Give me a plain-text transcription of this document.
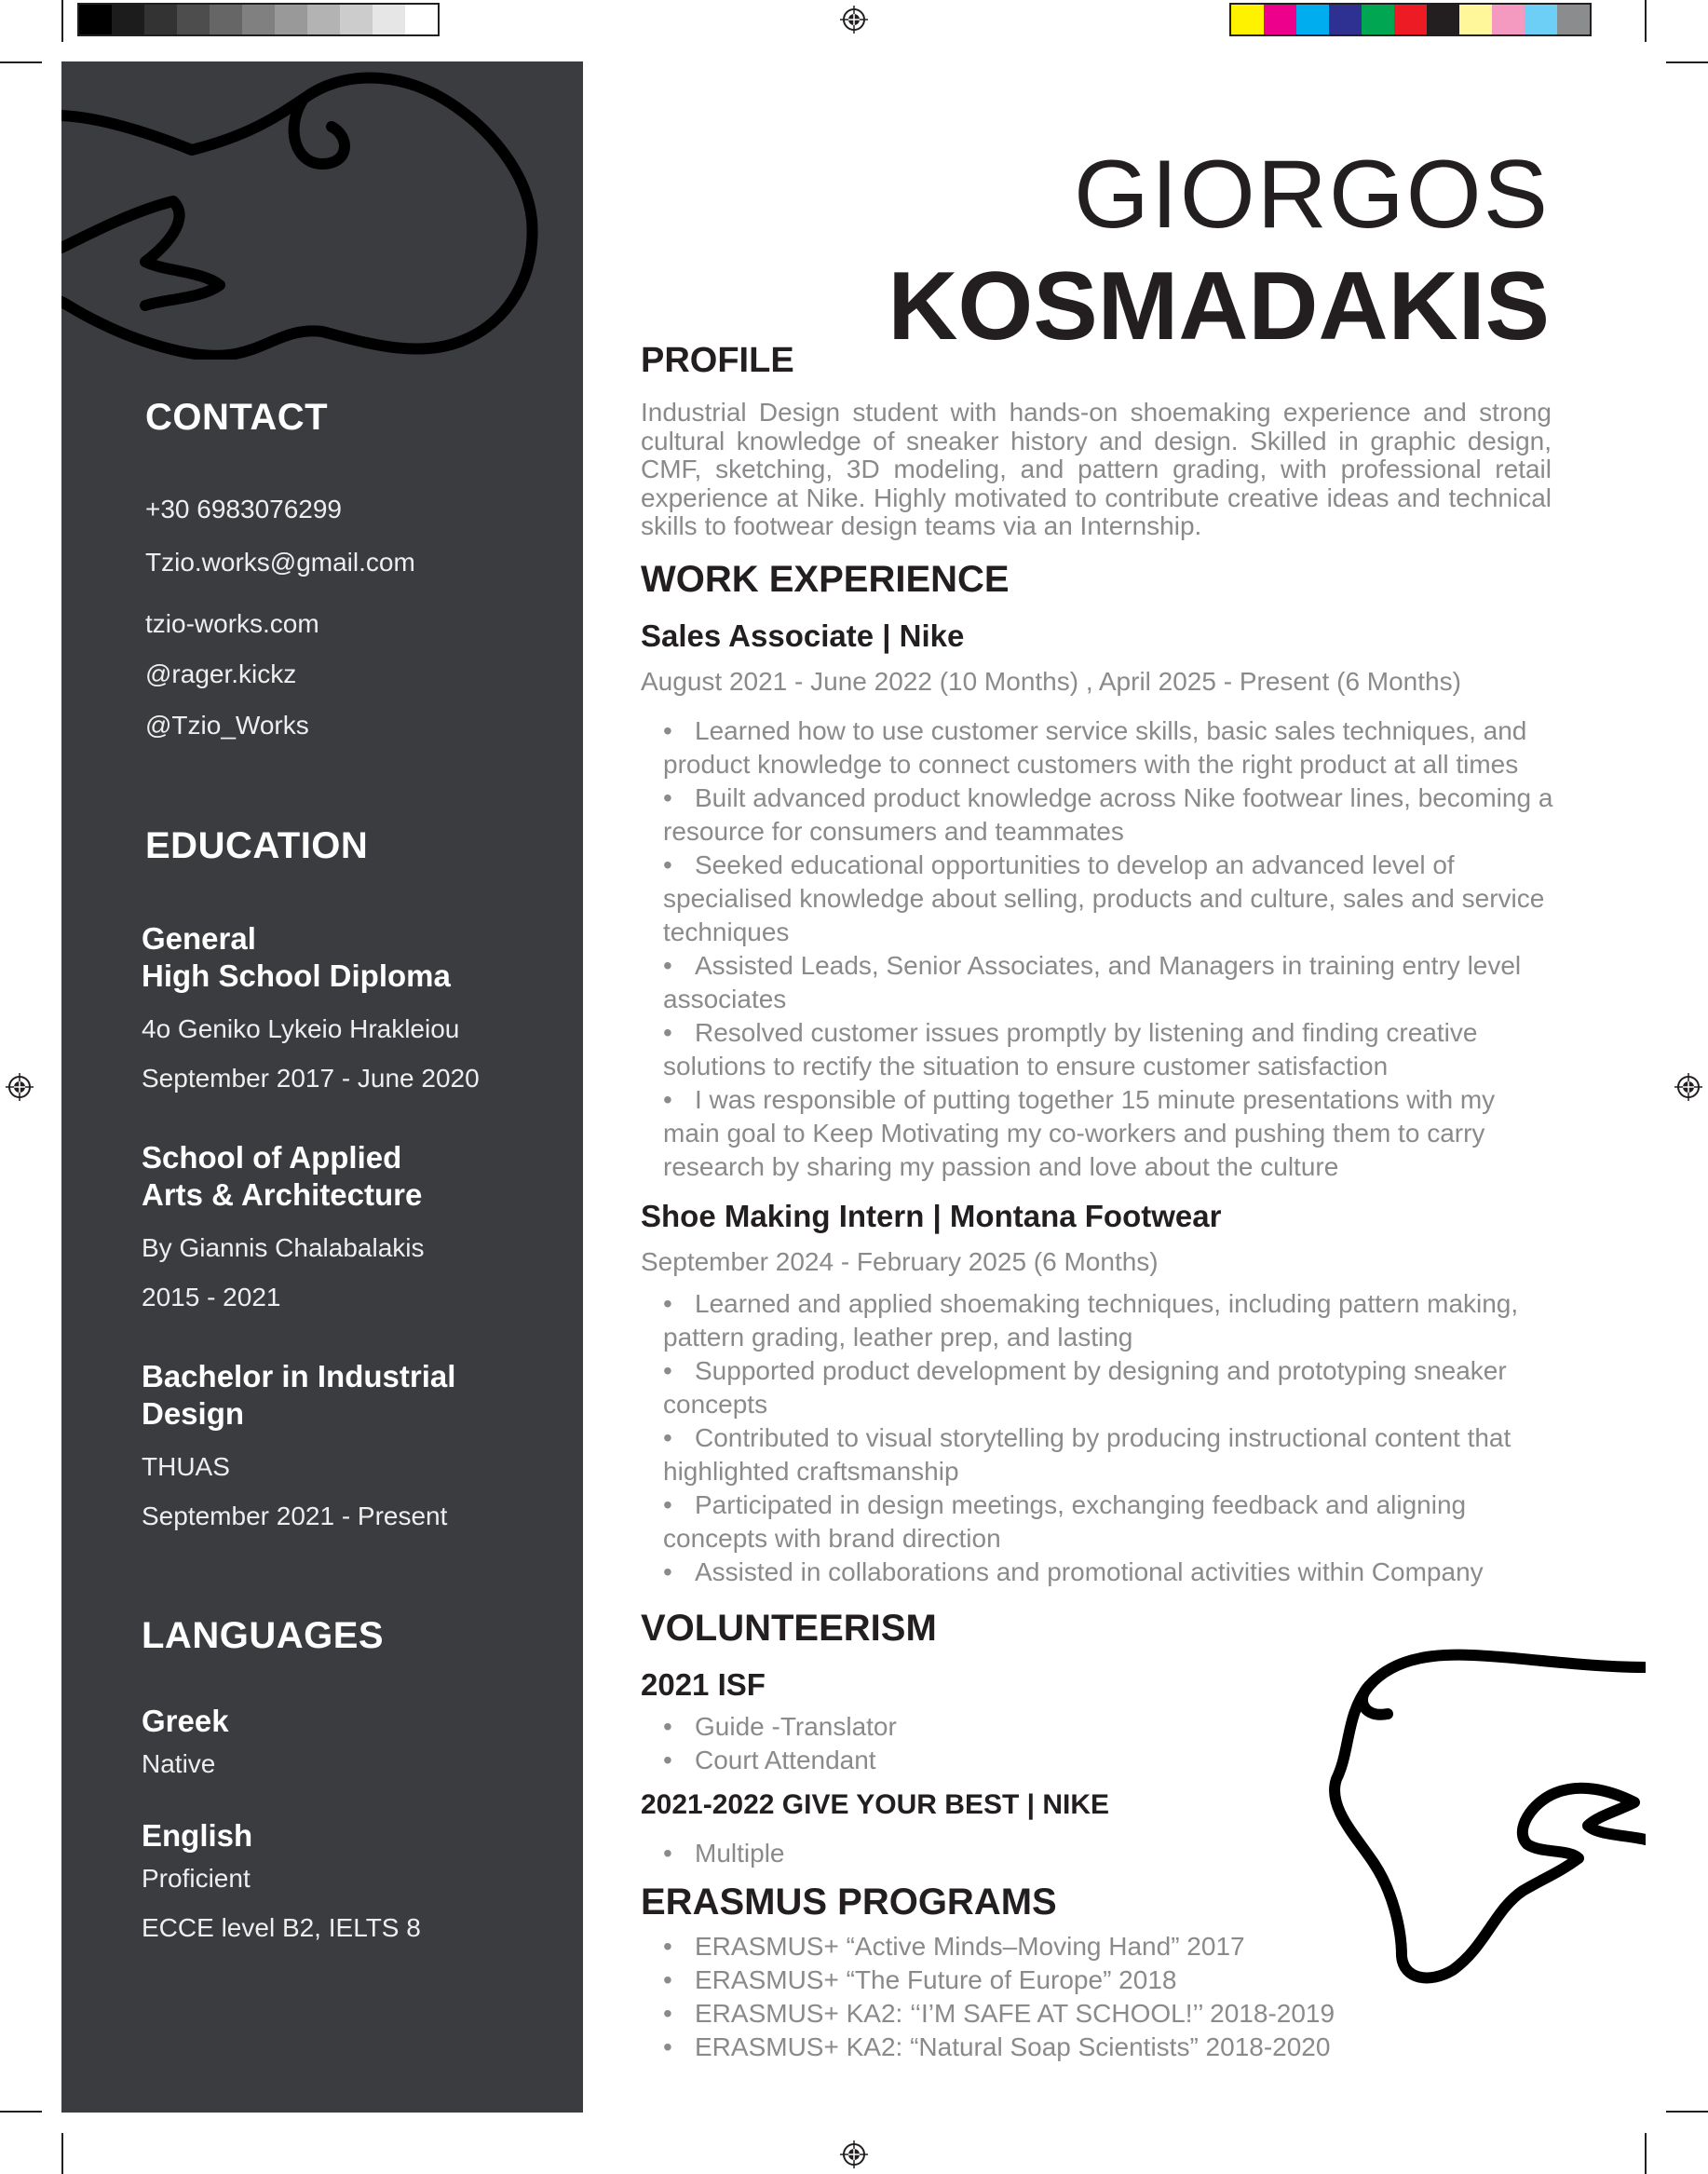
CONTACT
+30 6983076299
Tzio.works@gmail.com
tzio-works.com
@rager.kickz
@Tzio_Works
EDUCATION
General
High School Diploma
4o Geniko Lykeio Hrakleiou
September 2017 - June 2020
School of Applied
Arts & Architecture
By Giannis Chalabalakis
2015 - 2021
Bachelor in Industrial
Design
THUAS
September 2021 - Present
LANGUAGES
Greek
Native
English
Proficient
ECCE level B2, IELTS 8
GIORGOS
KOSMADAKIS
PROFILE
Industrial Design student with hands-on shoemaking experience and strong cultural knowledge of sneaker history and design. Skilled in graphic design, CMF, sketching, 3D modeling, and pattern grading, with professional retail experience at Nike. Highly motivated to contribute creative ideas and technical skills to footwear design teams via an Internship.
WORK EXPERIENCE
Sales Associate | Nike
August 2021 - June 2022 (10 Months) , April 2025 - Present (6 Months)
• Learned how to use customer service skills, basic sales techniques, and product knowledge to connect customers with the right product at all times
• Built advanced product knowledge across Nike footwear lines, becoming a resource for consumers and teammates
• Seeked educational opportunities to develop an advanced level of specialised knowledge about selling, products and culture, sales and service techniques
• Assisted Leads, Senior Associates, and Managers in training entry level associates
• Resolved customer issues promptly by listening and finding creative solutions to rectify the situation to ensure customer satisfaction
• I was responsible of putting together 15 minute presentations with my main goal to Keep Motivating my co-workers and pushing them to carry research by sharing my passion and love about the culture
Shoe Making Intern | Montana Footwear
September 2024 - February 2025 (6 Months)
• Learned and applied shoemaking techniques, including pattern making, pattern grading, leather prep, and lasting
• Supported product development by designing and prototyping sneaker concepts
• Contributed to visual storytelling by producing instructional content that highlighted craftsmanship
• Participated in design meetings, exchanging feedback and aligning concepts with brand direction
• Assisted in collaborations and promotional activities within Company
VOLUNTEERISM
2021 ISF
• Guide -Translator
• Court Attendant
2021-2022 GIVE YOUR BEST | NIKE
• Multiple
ERASMUS PROGRAMS
• ERASMUS+ “Active Minds–Moving Hand” 2017
• ERASMUS+ “The Future of Europe” 2018
• ERASMUS+ KA2: ‘‘I’M SAFE AT SCHOOL!’’ 2018-2019
• ERASMUS+ KA2: “Natural Soap Scientists” 2018-2020
